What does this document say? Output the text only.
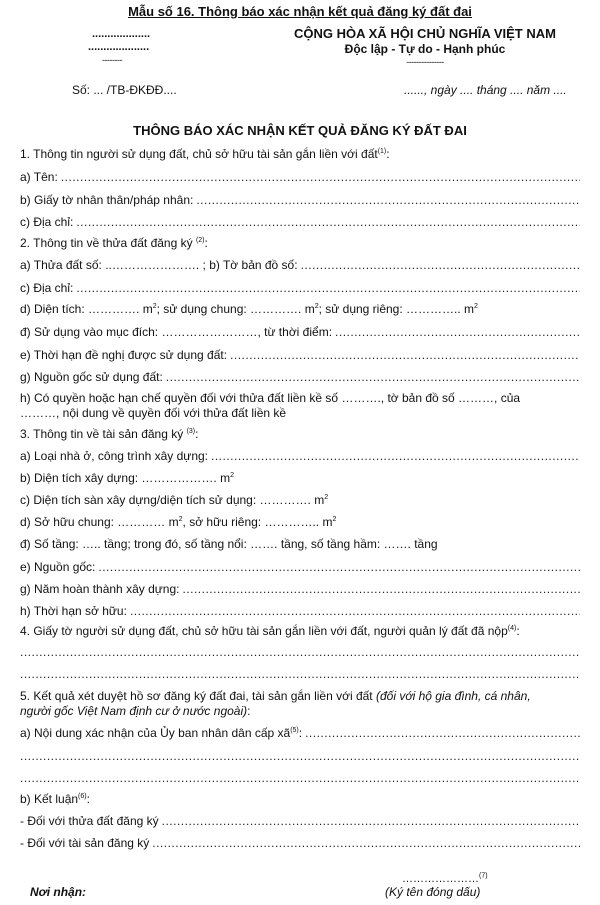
Mẫu số 16. Thông báo xác nhận kết quả đăng ký đất đai
...................
....................
--------
CỘNG HÒA XÃ HỘI CHỦ NGHĨA VIỆT NAM
Độc lập - Tự do - Hạnh phúc
---------------
Số: ... /TB-ĐKĐĐ....	......, ngày .... tháng .... năm ....
THÔNG BÁO XÁC NHẬN KẾT QUẢ ĐĂNG KÝ ĐẤT ĐAI
1. Thông tin người sử dụng đất, chủ sở hữu tài sản gắn liền với đất$^{(1)}$:
a) Tên:
.....
b) Giấy tờ nhân thân/pháp nhân:
.....
c) Địa chỉ:
.....
2. Thông tin về thửa đất đăng ký $^{(2)}$:
a) Thửa đất số: ..…………………. ; b) Tờ bản đồ số:
.....
c) Địa chỉ:
.....
d) Diện tích: …………. $m^2$; sử dụng chung: …………. $m^2$; sử dụng riêng: ………….. $m^2$
đ) Sử dụng vào mục đích: ……………………, từ thời điểm:
.....
e) Thời hạn đề nghị được sử dụng đất:
.....
g) Nguồn gốc sử dụng đất:
.....
h) Có quyền hoặc hạn chế quyền đối với thửa đất liền kề số ………., tờ bản đồ số ………, của
………, nội dung về quyền đối với thửa đất liền kề
3. Thông tin về tài sản đăng ký $^{(3)}$:
a) Loại nhà ở, công trình xây dựng:
.....
b) Diện tích xây dựng: ………………. $m^2$
c) Diện tích sàn xây dựng/diện tích sử dụng: …………. $m^2$
d) Sở hữu chung: ………… $m^2$, sở hữu riêng: ………….. $m^2$
đ) Số tầng: ….. tầng; trong đó, số tầng nổi: ……. tầng, số tầng hầm: ……. tầng
e) Nguồn gốc:
.....
g) Năm hoàn thành xây dựng:
.....
h) Thời hạn sở hữu:
.....
4. Giấy tờ người sử dụng đất, chủ sở hữu tài sản gắn liền với đất, người quản lý đất đã nộp$^{(4)}$:
.....
.....
5. Kết quả xét duyệt hồ sơ đăng ký đất đai, tài sản gắn liền với đất (đối với hộ gia đình, cá nhân,
người gốc Việt Nam định cư ở nước ngoài):
a) Nội dung xác nhận của Ủy ban nhân dân cấp $xã^{(5)}$:
.....
.....
.....
b) Kết luận$^{(6)}$:
- Đối với thửa đất đăng ký
.....
- Đối với tài sản đăng ký
.....
…………………$^{(7)}$
Nơi nhận:	(Ký tên đóng dấu)
